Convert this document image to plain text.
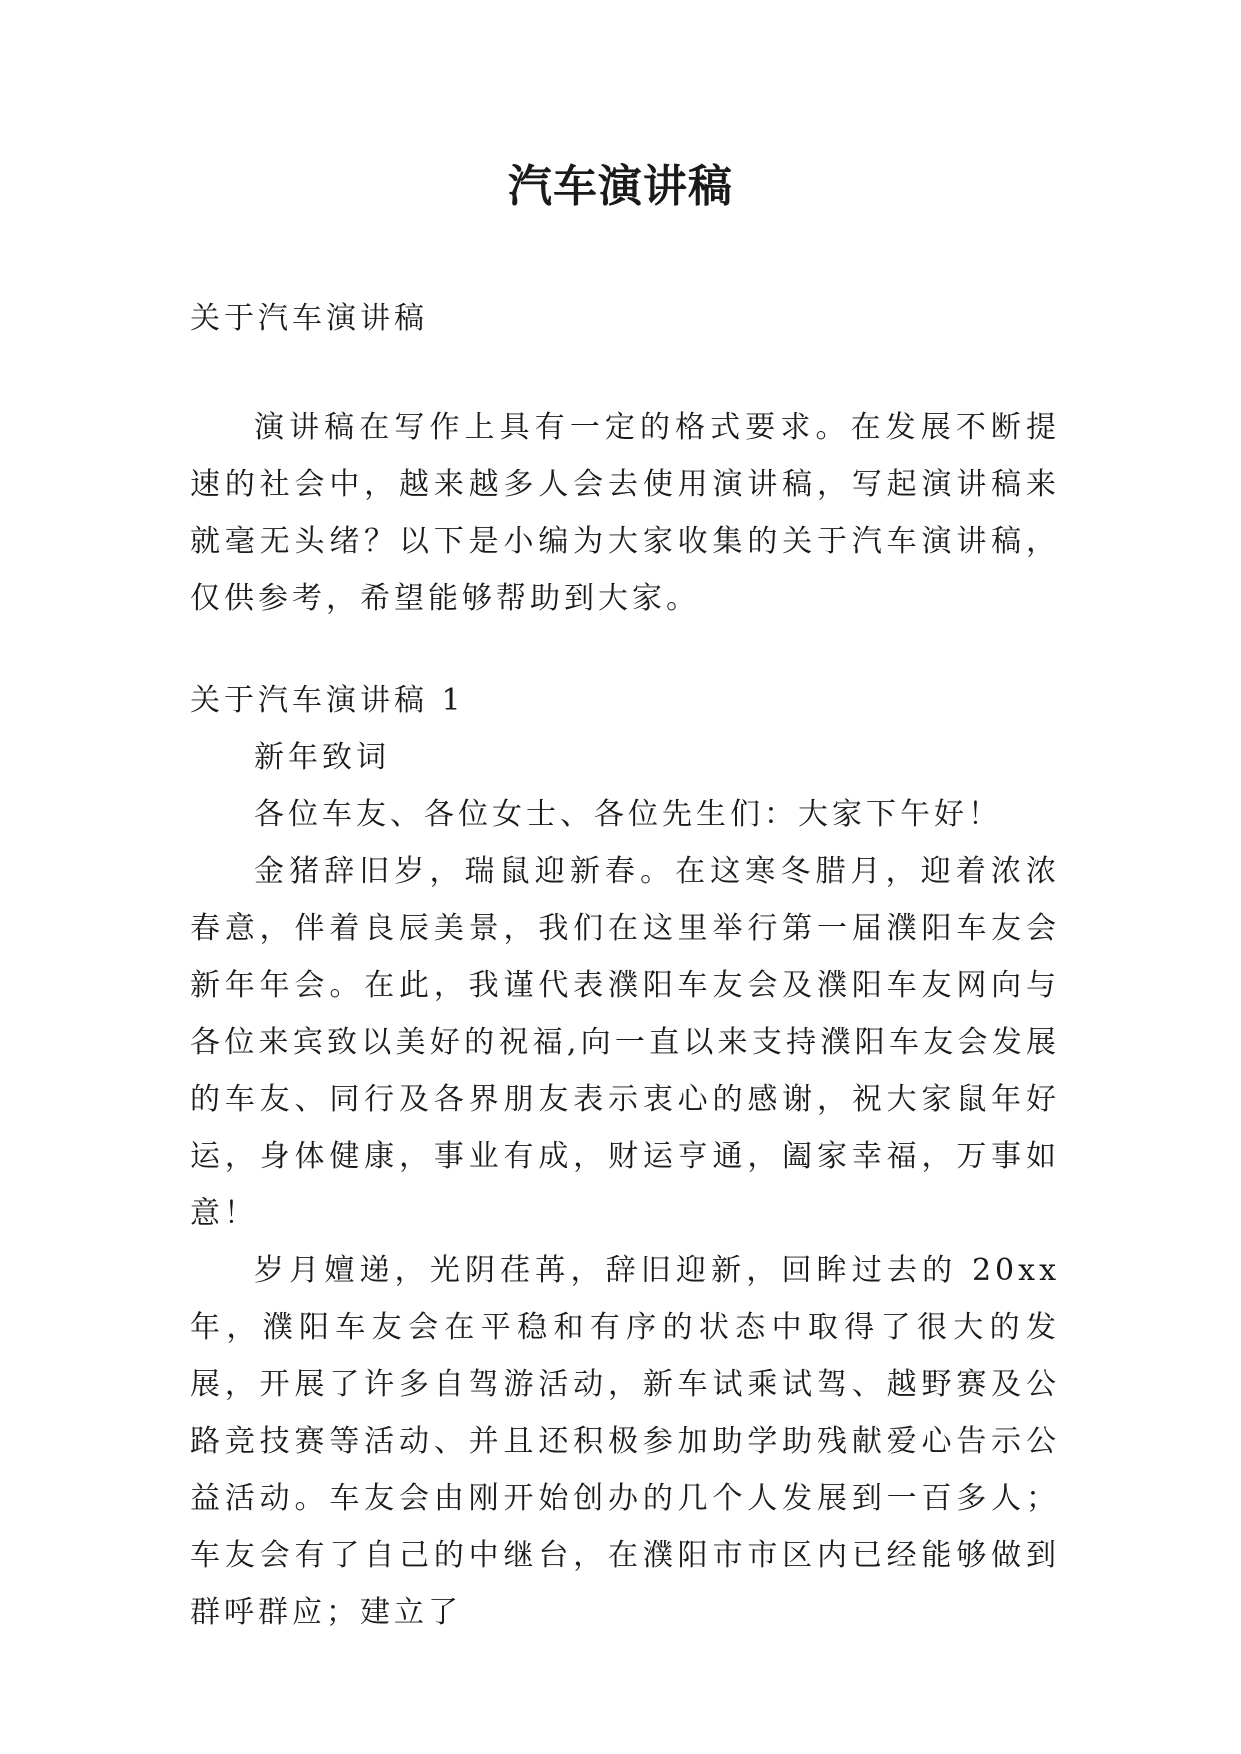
汽车演讲稿

关于汽车演讲稿

演讲稿在写作上具有一定的格式要求。在发展不断提速的社会中，越来越多人会去使用演讲稿，写起演讲稿来就毫无头绪？以下是小编为大家收集的关于汽车演讲稿，仅供参考，希望能够帮助到大家。

关于汽车演讲稿 1

新年致词

各位车友、各位女士、各位先生们：大家下午好！

金猪辞旧岁，瑞鼠迎新春。在这寒冬腊月，迎着浓浓春意，伴着良辰美景，我们在这里举行第一届濮阳车友会新年年会。在此，我谨代表濮阳车友会及濮阳车友网向与各位来宾致以美好的祝福,向一直以来支持濮阳车友会发展的车友、同行及各界朋友表示衷心的感谢，祝大家鼠年好运，身体健康，事业有成，财运亨通，阖家幸福，万事如意！

岁月嬗递，光阴荏苒，辞旧迎新，回眸过去的 20xx 年，濮阳车友会在平稳和有序的状态中取得了很大的发展，开展了许多自驾游活动，新车试乘试驾、越野赛及公路竞技赛等活动、并且还积极参加助学助残献爱心告示公益活动。车友会由刚开始创办的几个人发展到一百多人；车友会有了自己的中继台，在濮阳市市区内已经能够做到群呼群应；建立了
